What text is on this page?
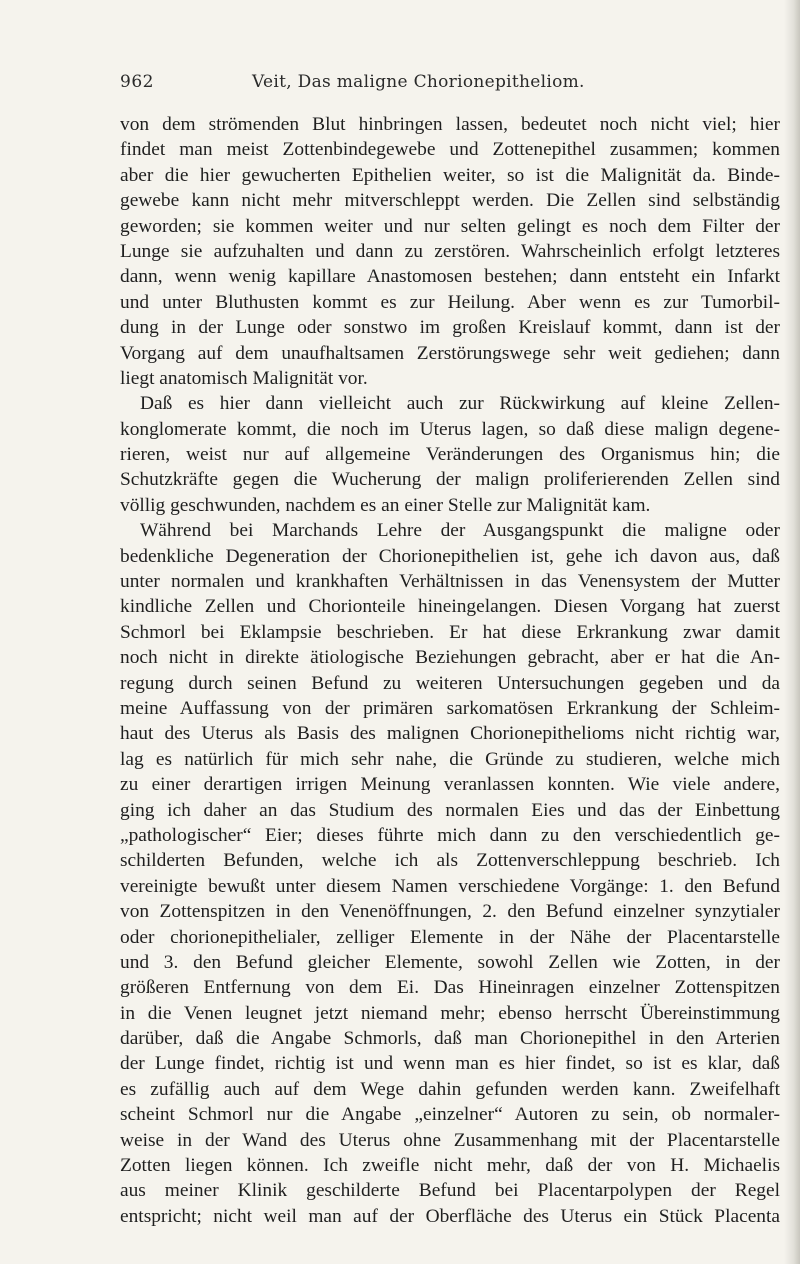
962	Veit, Das maligne Chorionepitheliom.
von dem strömenden Blut hinbringen lassen, bedeutet noch nicht viel; hier
findet man meist Zottenbindegewebe und Zottenepithel zusammen; kommen
aber die hier gewucherten Epithelien weiter, so ist die Malignität da. Binde-
gewebe kann nicht mehr mitverschleppt werden. Die Zellen sind selbständig
geworden; sie kommen weiter und nur selten gelingt es noch dem Filter der
Lunge sie aufzuhalten und dann zu zerstören. Wahrscheinlich erfolgt letzteres
dann, wenn wenig kapillare Anastomosen bestehen; dann entsteht ein Infarkt
und unter Bluthusten kommt es zur Heilung. Aber wenn es zur Tumorbil-
dung in der Lunge oder sonstwo im großen Kreislauf kommt, dann ist der
Vorgang auf dem unaufhaltsamen Zerstörungswege sehr weit gediehen; dann
liegt anatomisch Malignität vor.
Daß es hier dann vielleicht auch zur Rückwirkung auf kleine Zellen-
konglomerate kommt, die noch im Uterus lagen, so daß diese malign degene-
rieren, weist nur auf allgemeine Veränderungen des Organismus hin; die
Schutzkräfte gegen die Wucherung der malign proliferierenden Zellen sind
völlig geschwunden, nachdem es an einer Stelle zur Malignität kam.
Während bei Marchands Lehre der Ausgangspunkt die maligne oder
bedenkliche Degeneration der Chorionepithelien ist, gehe ich davon aus, daß
unter normalen und krankhaften Verhältnissen in das Venensystem der Mutter
kindliche Zellen und Chorionteile hineingelangen. Diesen Vorgang hat zuerst
Schmorl bei Eklampsie beschrieben. Er hat diese Erkrankung zwar damit
noch nicht in direkte ätiologische Beziehungen gebracht, aber er hat die An-
regung durch seinen Befund zu weiteren Untersuchungen gegeben und da
meine Auffassung von der primären sarkomatösen Erkrankung der Schleim-
haut des Uterus als Basis des malignen Chorionepithelioms nicht richtig war,
lag es natürlich für mich sehr nahe, die Gründe zu studieren, welche mich
zu einer derartigen irrigen Meinung veranlassen konnten. Wie viele andere,
ging ich daher an das Studium des normalen Eies und das der Einbettung
„pathologischer“ Eier; dieses führte mich dann zu den verschiedentlich ge-
schilderten Befunden, welche ich als Zottenverschleppung beschrieb. Ich
vereinigte bewußt unter diesem Namen verschiedene Vorgänge: 1. den Befund
von Zottenspitzen in den Venenöffnungen, 2. den Befund einzelner synzytialer
oder chorionepithelialer, zelliger Elemente in der Nähe der Placentarstelle
und 3. den Befund gleicher Elemente, sowohl Zellen wie Zotten, in der
größeren Entfernung von dem Ei. Das Hineinragen einzelner Zottenspitzen
in die Venen leugnet jetzt niemand mehr; ebenso herrscht Übereinstimmung
darüber, daß die Angabe Schmorls, daß man Chorionepithel in den Arterien
der Lunge findet, richtig ist und wenn man es hier findet, so ist es klar, daß
es zufällig auch auf dem Wege dahin gefunden werden kann. Zweifelhaft
scheint Schmorl nur die Angabe „einzelner“ Autoren zu sein, ob normaler-
weise in der Wand des Uterus ohne Zusammenhang mit der Placentarstelle
Zotten liegen können. Ich zweifle nicht mehr, daß der von H. Michaelis
aus meiner Klinik geschilderte Befund bei Placentarpolypen der Regel
entspricht; nicht weil man auf der Oberfläche des Uterus ein Stück Placenta
